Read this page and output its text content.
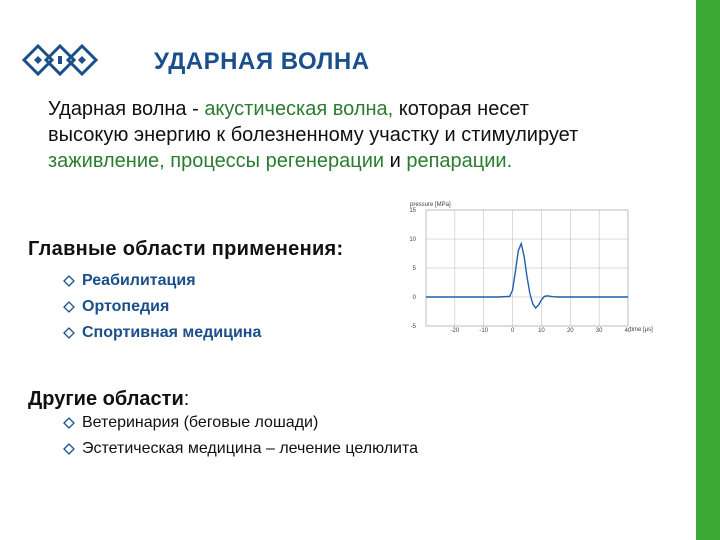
УДАРНАЯ ВОЛНА
Ударная волна - акустическая волна, которая несет высокую энергию к болезненному участку и стимулирует заживление, процессы регенерации и репарации.
pressure [MPa]
15
10
5
0
-5
-20	-10	0	10	20	30	40
time [μs]
Главные области применения:
Реабилитация
Ортопедия
Спортивная медицина
Другие области:
Ветеринария (беговые лошади)
Эстетическая медицина – лечение целюлита
